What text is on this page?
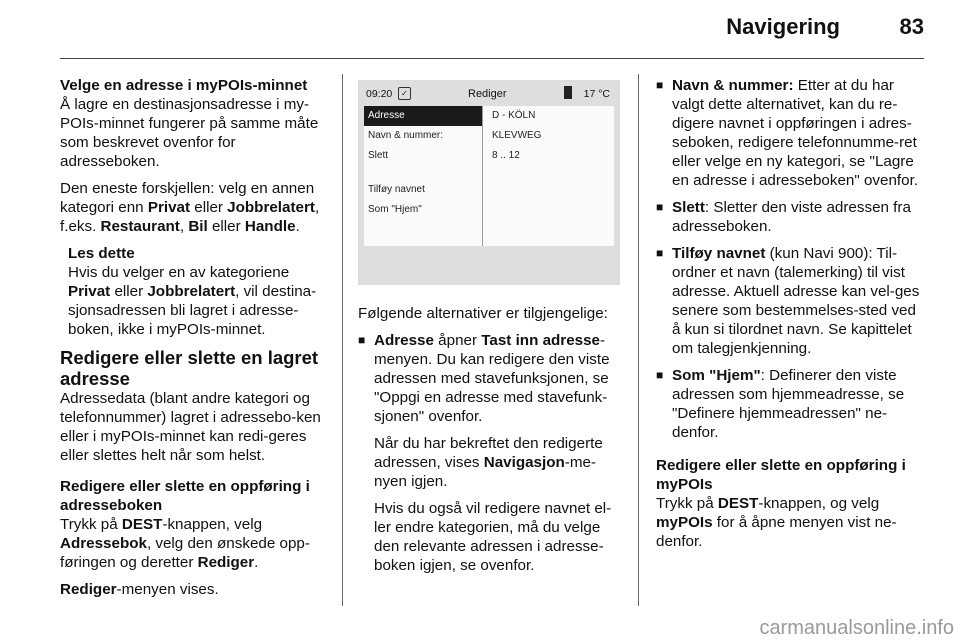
Navigering	83

Velge en adresse i myPOIs-minnet

Å lagre en destinasjonsadresse i my-POIs-minnet fungerer på samme måte som beskrevet ovenfor for adresseboken.

Den eneste forskjellen: velg en annen kategori enn Privat eller Jobbrelatert, f.eks. Restaurant, Bil eller Handle.

Les dette
Hvis du velger en av kategoriene Privat eller Jobbrelatert, vil destina-sjonsadressen bli lagret i adresse-boken, ikke i myPOIs-minnet.
Redigere eller slette en lagret adresse

Adressedata (blant andre kategori og telefonnummer) lagret i adressebo-ken eller i myPOIs-minnet kan redi-geres eller slettes helt når som helst.

Redigere eller slette en oppføring i adresseboken

Trykk på DEST-knappen, velg Adressebok, velg den ønskede opp-føringen og deretter Rediger.

Rediger-menyen vises.

09:20	✓	Rediger	17 °C
Adresse
Navn & nummer:
Slett
Tilføy navnet
Som "Hjem"
D - KÖLN
KLEVWEG
8 .. 12

Følgende alternativer er tilgjengelige:

■ Adresse åpner Tast inn adresse-menyen. Du kan redigere den viste adressen med stavefunksjonen, se "Oppgi en adresse med stavefunk-sjonen" ovenfor.

Når du har bekreftet den redigerte adressen, vises Navigasjon-me-nyen igjen.

Hvis du også vil redigere navnet el-ler endre kategorien, må du velge den relevante adressen i adresse-boken igjen, se ovenfor.

■ Navn & nummer: Etter at du har valgt dette alternativet, kan du re-digere navnet i oppføringen i adres-seboken, redigere telefonnumme-ret eller velge en ny kategori, se "Lagre en adresse i adresseboken" ovenfor.
■ Slett: Sletter den viste adressen fra adresseboken.
■ Tilføy navnet (kun Navi 900): Til-ordner et navn (talemerking) til vist adresse. Aktuell adresse kan vel-ges senere som bestemmelses-sted ved å kun si tilordnet navn. Se kapittelet om talegjenkjenning.
■ Som "Hjem": Definerer den viste adressen som hjemmeadresse, se "Definere hjemmeadressen" ne-denfor.

Redigere eller slette en oppføring i myPOIs

Trykk på DEST-knappen, og velg myPOIs for å åpne menyen vist ne-denfor.

carmanualsonline.info
